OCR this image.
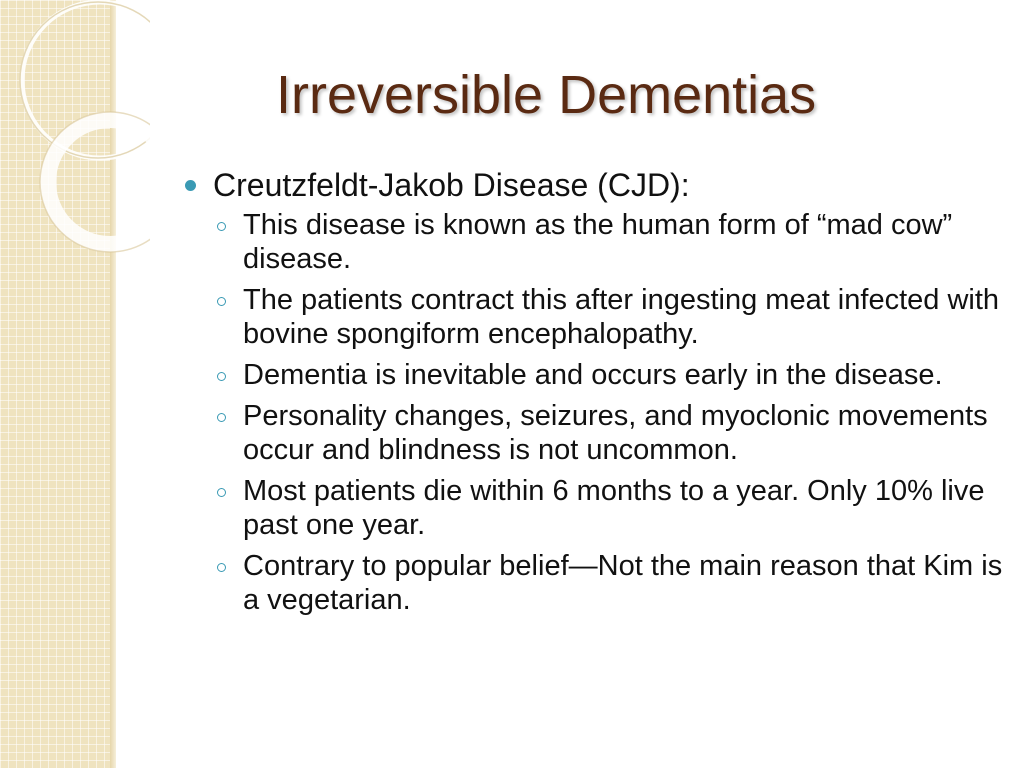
Irreversible Dementias
Creutzfeldt-Jakob Disease (CJD):
This disease is known as the human form of “mad cow” disease.
The patients contract this after ingesting meat infected with bovine spongiform encephalopathy.
Dementia is inevitable and occurs early in the disease.
Personality changes, seizures, and myoclonic movements occur and blindness is not uncommon.
Most patients die within 6 months to a year. Only 10% live past one year.
Contrary to popular belief—Not the main reason that Kim is a vegetarian.
